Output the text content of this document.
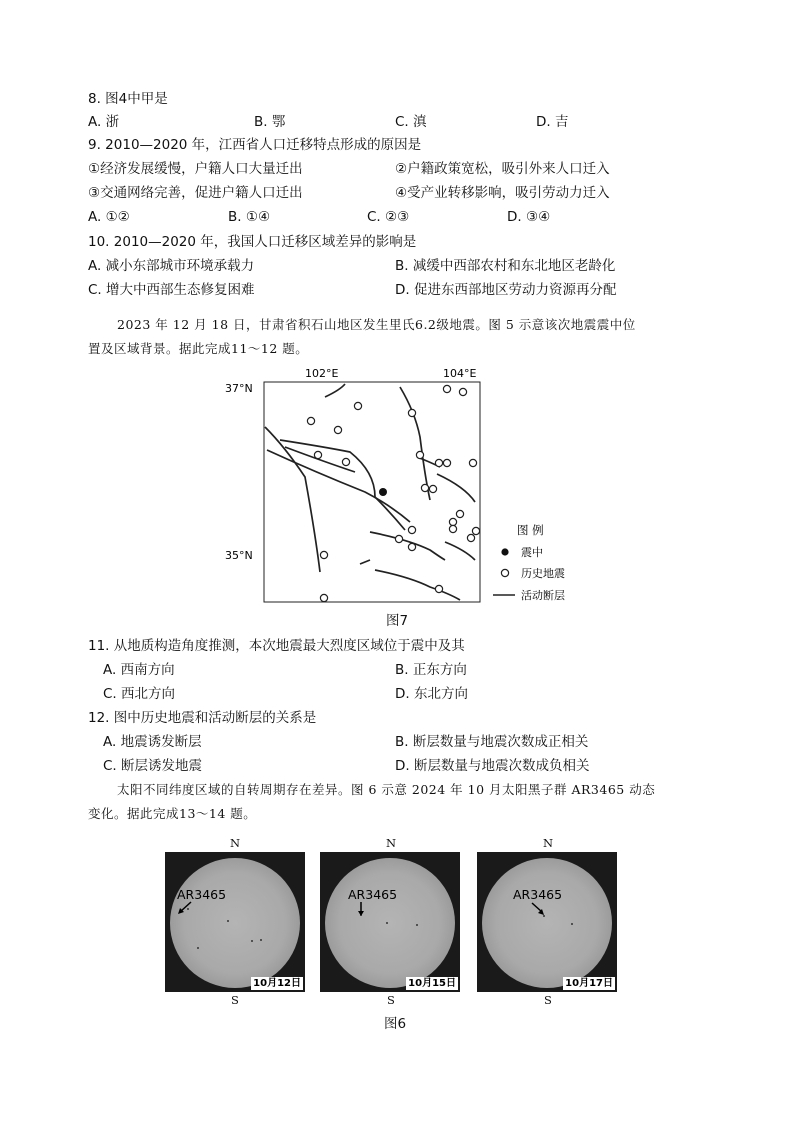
8. 图4中甲是
A. 浙	B. 鄂	C. 滇	D. 吉
9. 2010—2020 年，江西省人口迁移特点形成的原因是
①经济发展缓慢，户籍人口大量迁出	②户籍政策宽松，吸引外来人口迁入
③交通网络完善，促进户籍人口迁出	④受产业转移影响，吸引劳动力迁入
A. ①②	B. ①④	C. ②③	D. ③④
10. 2010—2020 年，我国人口迁移区域差异的影响是
A. 减小东部城市环境承载力	B. 减缓中西部农村和东北地区老龄化
C. 增大中西部生态修复困难	D. 促进东西部地区劳动力资源再分配
2023 年 12 月 18 日，甘肃省积石山地区发生里氏6.2级地震。图 5 示意该次地震震中位
置及区域背景。据此完成11～12 题。
102°E	104°E
37°N
35°N
图 例
震中
历史地震
活动断层
图7
11. 从地质构造角度推测，本次地震最大烈度区域位于震中及其
A. 西南方向	B. 正东方向
C. 西北方向	D. 东北方向
12. 图中历史地震和活动断层的关系是
A. 地震诱发断层	B. 断层数量与地震次数成正相关
C. 断层诱发地震	D. 断层数量与地震次数成负相关
太阳不同纬度区域的自转周期存在差异。图 6 示意 2024 年 10 月太阳黑子群 AR3465 动态
变化。据此完成13～14 题。
N	N	N
AR3465
10月12日
AR3465
10月15日
AR3465
10月17日
S	S	S
图6
